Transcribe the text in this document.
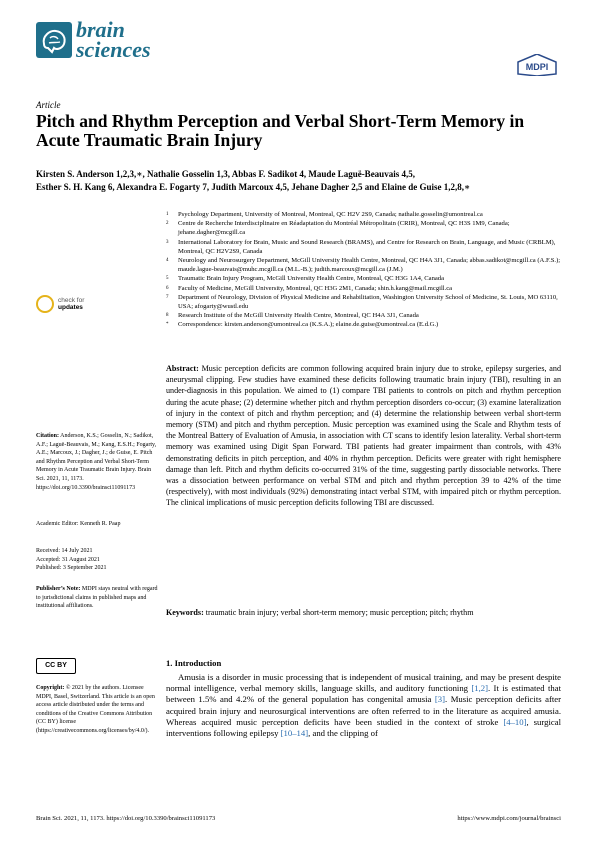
brain
sciences
MDPI
Article
Pitch and Rhythm Perception and Verbal Short-Term Memory in Acute Traumatic Brain Injury
Kirsten S. Anderson 1,2,3,∗, Nathalie Gosselin 1,3, Abbas F. Sadikot 4, Maude Laguë-Beauvais 4,5,
Esther S. H. Kang 6, Alexandra E. Fogarty 7, Judith Marcoux 4,5, Jehane Dagher 2,5 and Elaine de Guise 1,2,8,∗
1	Psychology Department, University of Montreal, Montreal, QC H2V 2S9, Canada; nathalie.gosselin@umontreal.ca
2	Centre de Recherche Interdisciplinaire en Réadaptation du Montréal Métropolitain (CRIR), Montreal, QC H3S 1M9, Canada; jehane.dagher@mcgill.ca
3	International Laboratory for Brain, Music and Sound Research (BRAMS), and Centre for Research on Brain, Language, and Music (CRBLM), Montreal, QC H2V2S9, Canada
4	Neurology and Neurosurgery Department, McGill University Health Centre, Montreal, QC H4A 3J1, Canada; abbas.sadikot@mcgill.ca (A.F.S.); maude.lague-beauvais@muhc.mcgill.ca (M.L.-B.); judith.marcoux@mcgill.ca (J.M.)
5	Traumatic Brain Injury Program, McGill University Health Centre, Montreal, QC H3G 1A4, Canada
6	Faculty of Medicine, McGill University, Montreal, QC H3G 2M1, Canada; shin.h.kang@mail.mcgill.ca
7	Department of Neurology, Division of Physical Medicine and Rehabilitation, Washington University School of Medicine, St. Louis, MO 63110, USA; afogarty@wustl.edu
8	Research Institute of the McGill University Health Centre, Montreal, QC H4A 3J1, Canada
*	Correspondence: kirsten.anderson@umontreal.ca (K.S.A.); elaine.de.guise@umontreal.ca (E.d.G.)
check for
updates
Citation: Anderson, K.S.; Gosselin, N.; Sadikot, A.F.; Laguë-Beauvais, M.; Kang, E.S.H.; Fogarty, A.E.; Marcoux, J.; Dagher, J.; de Guise, E. Pitch and Rhythm Perception and Verbal Short-Term Memory in Acute Traumatic Brain Injury. Brain Sci. 2021, 11, 1173. https://doi.org/10.3390/brainsci11091173
Academic Editor: Kenneth R. Paap
Received: 14 July 2021
Accepted: 31 August 2021
Published: 3 September 2021
Publisher’s Note: MDPI stays neutral with regard to jurisdictional claims in published maps and institutional affiliations.
CC BY
Copyright: © 2021 by the authors. Licensee MDPI, Basel, Switzerland. This article is an open access article distributed under the terms and conditions of the Creative Commons Attribution (CC BY) license (https://creativecommons.org/licenses/by/4.0/).
Abstract: Music perception deficits are common following acquired brain injury due to stroke, epilepsy surgeries, and aneurysmal clipping. Few studies have examined these deficits following traumatic brain injury (TBI), resulting in an under-diagnosis in this population. We aimed to (1) compare TBI patients to controls on pitch and rhythm perception during the acute phase; (2) determine whether pitch and rhythm perception disorders co-occur; (3) examine lateralization of injury in the context of pitch and rhythm perception; and (4) determine the relationship between verbal short-term memory (STM) and pitch and rhythm perception. Music perception was examined using the Scale and Rhythm tests of the Montreal Battery of Evaluation of Amusia, in association with CT scans to identify lesion laterality. Verbal short-term memory was examined using Digit Span Forward. TBI patients had greater impairment than controls, with 43% demonstrating deficits in pitch perception, and 40% in rhythm perception. Deficits were greater with right hemisphere damage than left. Pitch and rhythm deficits co-occurred 31% of the time, suggesting partly dissociable networks. There was a dissociation between performance on verbal STM and pitch and rhythm perception 39 to 42% of the time (respectively), with most individuals (92%) demonstrating intact verbal STM, with impaired pitch or rhythm perception. The clinical implications of music perception deficits following TBI are discussed.
Keywords: traumatic brain injury; verbal short-term memory; music perception; pitch; rhythm
1. Introduction
Amusia is a disorder in music processing that is independent of musical training, and may be present despite normal intelligence, verbal memory skills, language skills, and auditory functioning [1,2]. It is estimated that between 1.5% and 4.2% of the general population has congenital amusia [3]. Music perception deficits after acquired brain injury and neurosurgical interventions are often referred to in the literature as acquired amusia. Whereas acquired music perception deficits have been studied in the context of stroke [4–10], surgical interventions following epilepsy [10–14], and the clipping of
Brain Sci. 2021, 11, 1173. https://doi.org/10.3390/brainsci11091173	https://www.mdpi.com/journal/brainsci
